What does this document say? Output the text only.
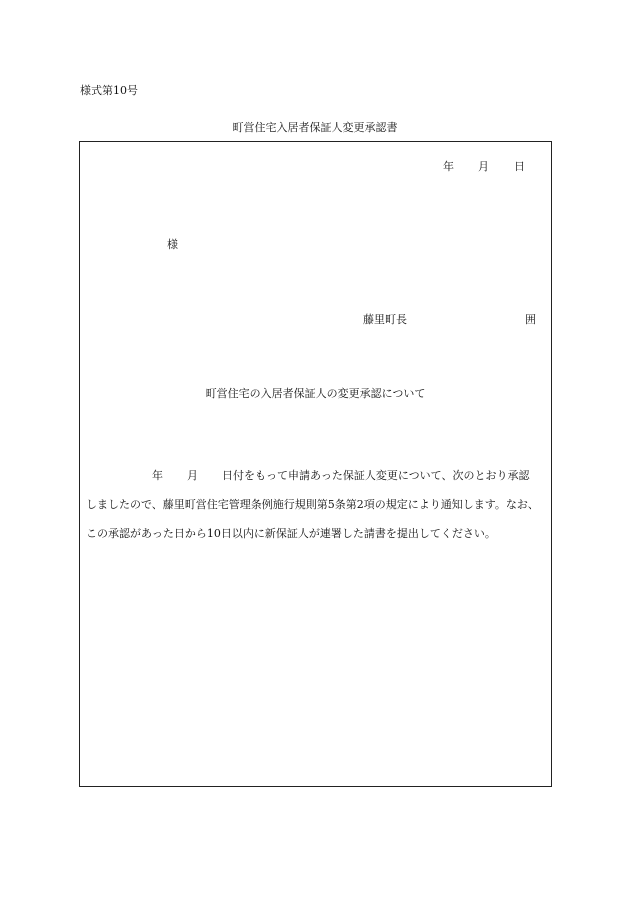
様式第10号
町営住宅入居者保証人変更承認書
年 月 日
様
藤里町長	囲
町営住宅の入居者保証人の変更承認について
年 月 日付をもって申請あった保証人変更について、次のとおり承認
しましたので、藤里町営住宅管理条例施行規則第5条第2項の規定により通知します。なお、
この承認があった日から10日以内に新保証人が連署した請書を提出してください。
